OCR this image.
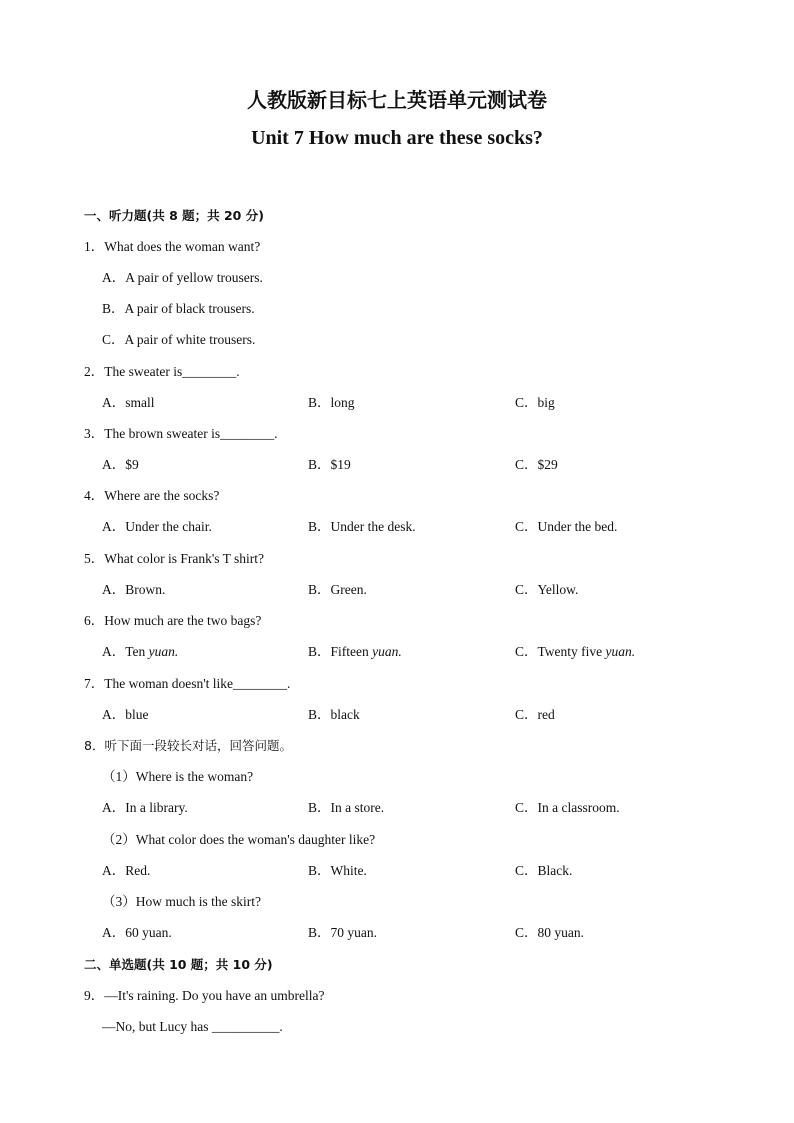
人教版新目标七上英语单元测试卷
Unit 7 How much are these socks?
一、听力题(共 8 题；共 20 分)
1．What does the woman want?
A．A pair of yellow trousers.
B．A pair of black trousers.
C．A pair of white trousers.
2．The sweater is________.
A．small	B．long	C．big
3．The brown sweater is________.
A．$9	B．$19	C．$29
4．Where are the socks?
A．Under the chair.	B．Under the desk.	C．Under the bed.
5．What color is Frank's T shirt?
A．Brown.	B．Green.	C．Yellow.
6．How much are the two bags?
A．Ten yuan.	B．Fifteen yuan.	C．Twenty five yuan.
7．The woman doesn't like________.
A．blue	B．black	C．red
8．听下面一段较长对话，回答问题。
（1）Where is the woman?
A．In a library.	B．In a store.	C．In a classroom.
（2）What color does the woman's daughter like?
A．Red.	B．White.	C．Black.
（3）How much is the skirt?
A．60 yuan.	B．70 yuan.	C．80 yuan.
二、单选题(共 10 题；共 10 分)
9．—It's raining. Do you have an umbrella?
—No, but Lucy has __________.
